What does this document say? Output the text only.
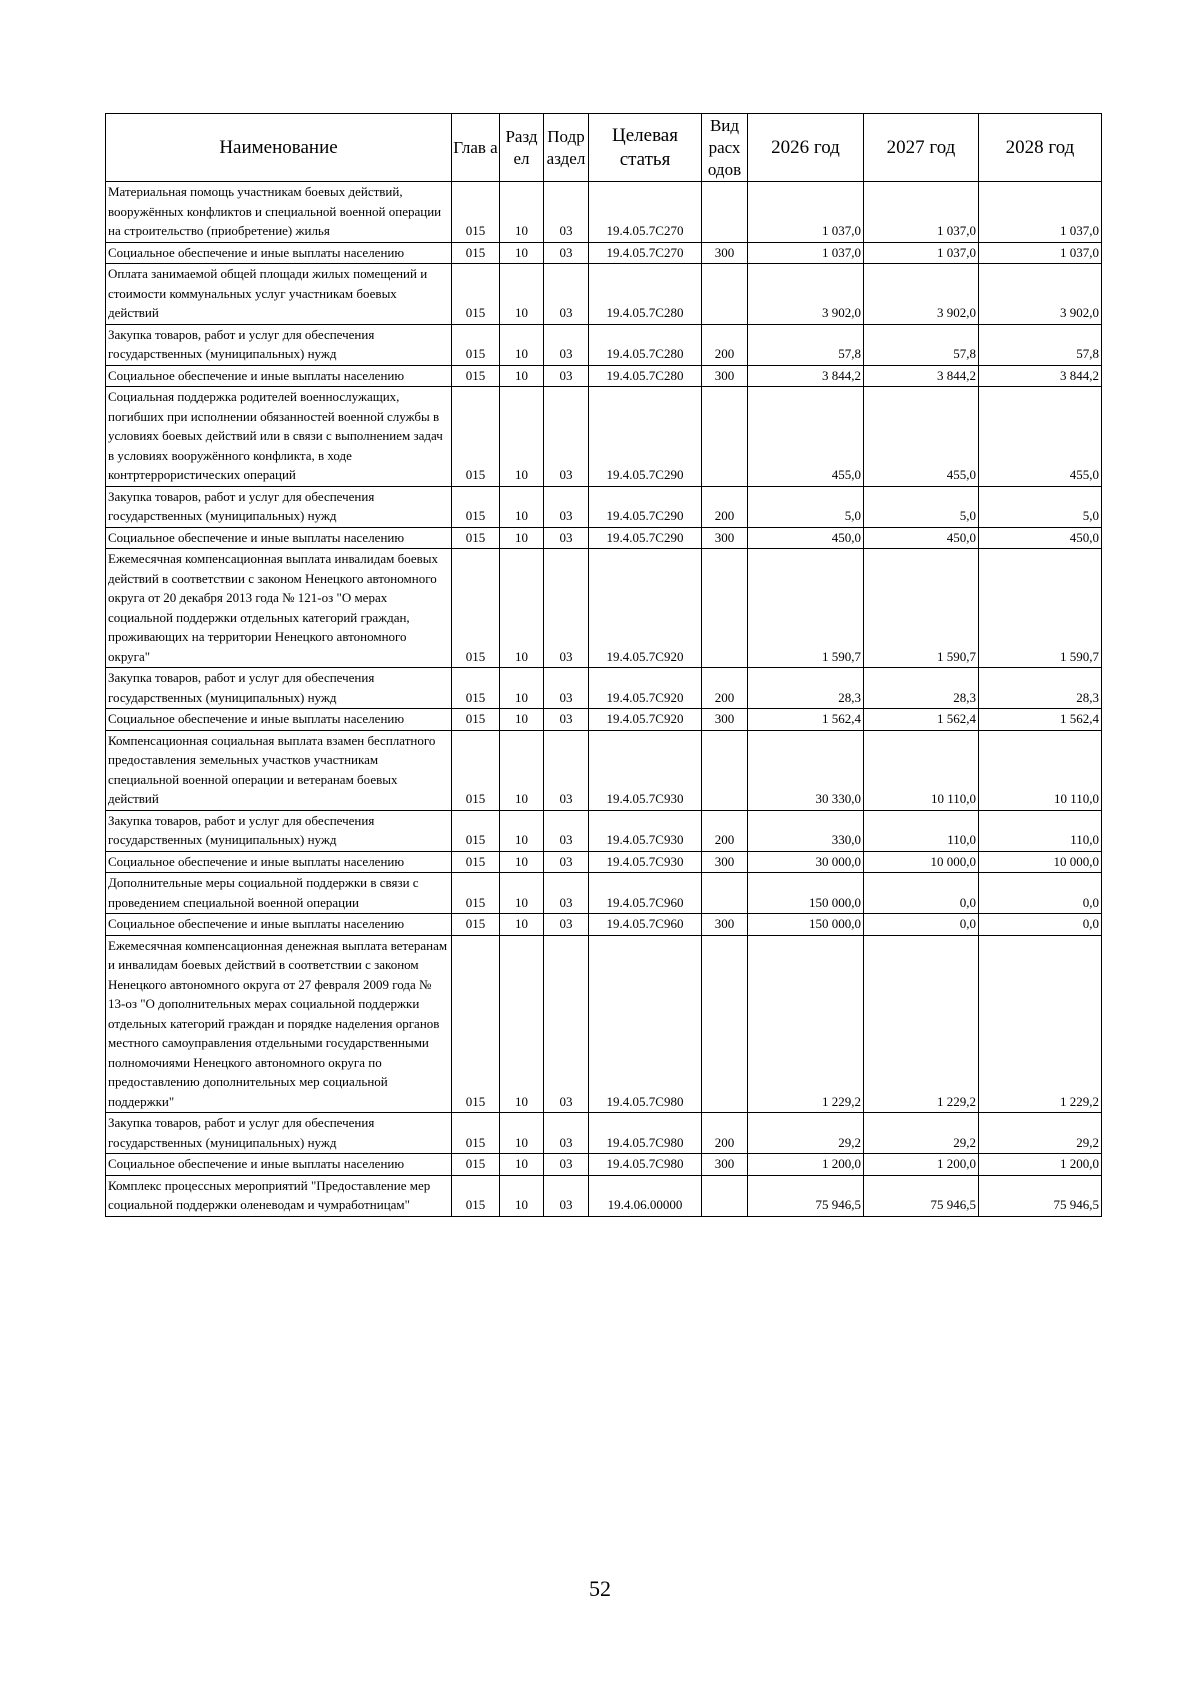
Наименование	Глав а	Разд ел	Подр аздел	Целевая статья	Вид расх одов	2026 год	2027 год	2028 год
Материальная помощь участникам боевых действий, вооружённых конфликтов и специальной военной операции на строительство (приобретение) жилья	015	10	03	19.4.05.7С270		1 037,0	1 037,0	1 037,0
Социальное обеспечение и иные выплаты населению	015	10	03	19.4.05.7С270	300	1 037,0	1 037,0	1 037,0
Оплата занимаемой общей площади жилых помещений и стоимости коммунальных услуг участникам боевых действий	015	10	03	19.4.05.7С280		3 902,0	3 902,0	3 902,0
Закупка товаров, работ и услуг для обеспечения государственных (муниципальных) нужд	015	10	03	19.4.05.7С280	200	57,8	57,8	57,8
Социальное обеспечение и иные выплаты населению	015	10	03	19.4.05.7С280	300	3 844,2	3 844,2	3 844,2
Социальная поддержка родителей военнослужащих, погибших при исполнении обязанностей военной службы в условиях боевых действий или в связи с выполнением задач в условиях вооружённого конфликта, в ходе контртеррористических операций	015	10	03	19.4.05.7С290		455,0	455,0	455,0
Закупка товаров, работ и услуг для обеспечения государственных (муниципальных) нужд	015	10	03	19.4.05.7С290	200	5,0	5,0	5,0
Социальное обеспечение и иные выплаты населению	015	10	03	19.4.05.7С290	300	450,0	450,0	450,0
Ежемесячная компенсационная выплата инвалидам боевых действий в соответствии с законом Ненецкого автономного округа от 20 декабря 2013 года № 121-оз "О мерах социальной поддержки отдельных категорий граждан, проживающих на территории Ненецкого автономного округа"	015	10	03	19.4.05.7С920		1 590,7	1 590,7	1 590,7
Закупка товаров, работ и услуг для обеспечения государственных (муниципальных) нужд	015	10	03	19.4.05.7С920	200	28,3	28,3	28,3
Социальное обеспечение и иные выплаты населению	015	10	03	19.4.05.7С920	300	1 562,4	1 562,4	1 562,4
Компенсационная социальная выплата взамен бесплатного предоставления земельных участков участникам специальной военной операции и ветеранам боевых действий	015	10	03	19.4.05.7С930		30 330,0	10 110,0	10 110,0
Закупка товаров, работ и услуг для обеспечения государственных (муниципальных) нужд	015	10	03	19.4.05.7С930	200	330,0	110,0	110,0
Социальное обеспечение и иные выплаты населению	015	10	03	19.4.05.7С930	300	30 000,0	10 000,0	10 000,0
Дополнительные меры социальной поддержки в связи с проведением специальной военной операции	015	10	03	19.4.05.7С960		150 000,0	0,0	0,0
Социальное обеспечение и иные выплаты населению	015	10	03	19.4.05.7С960	300	150 000,0	0,0	0,0
Ежемесячная компенсационная денежная выплата ветеранам и инвалидам боевых действий в соответствии с законом Ненецкого автономного округа от 27 февраля 2009 года № 13-оз "О дополнительных мерах социальной поддержки отдельных категорий граждан и порядке наделения органов местного самоуправления отдельными государственными полномочиями Ненецкого автономного округа по предоставлению дополнительных мер социальной поддержки"	015	10	03	19.4.05.7С980		1 229,2	1 229,2	1 229,2
Закупка товаров, работ и услуг для обеспечения государственных (муниципальных) нужд	015	10	03	19.4.05.7С980	200	29,2	29,2	29,2
Социальное обеспечение и иные выплаты населению	015	10	03	19.4.05.7С980	300	1 200,0	1 200,0	1 200,0
Комплекс процессных мероприятий "Предоставление мер социальной поддержки оленеводам и чумработницам"	015	10	03	19.4.06.00000		75 946,5	75 946,5	75 946,5
52
